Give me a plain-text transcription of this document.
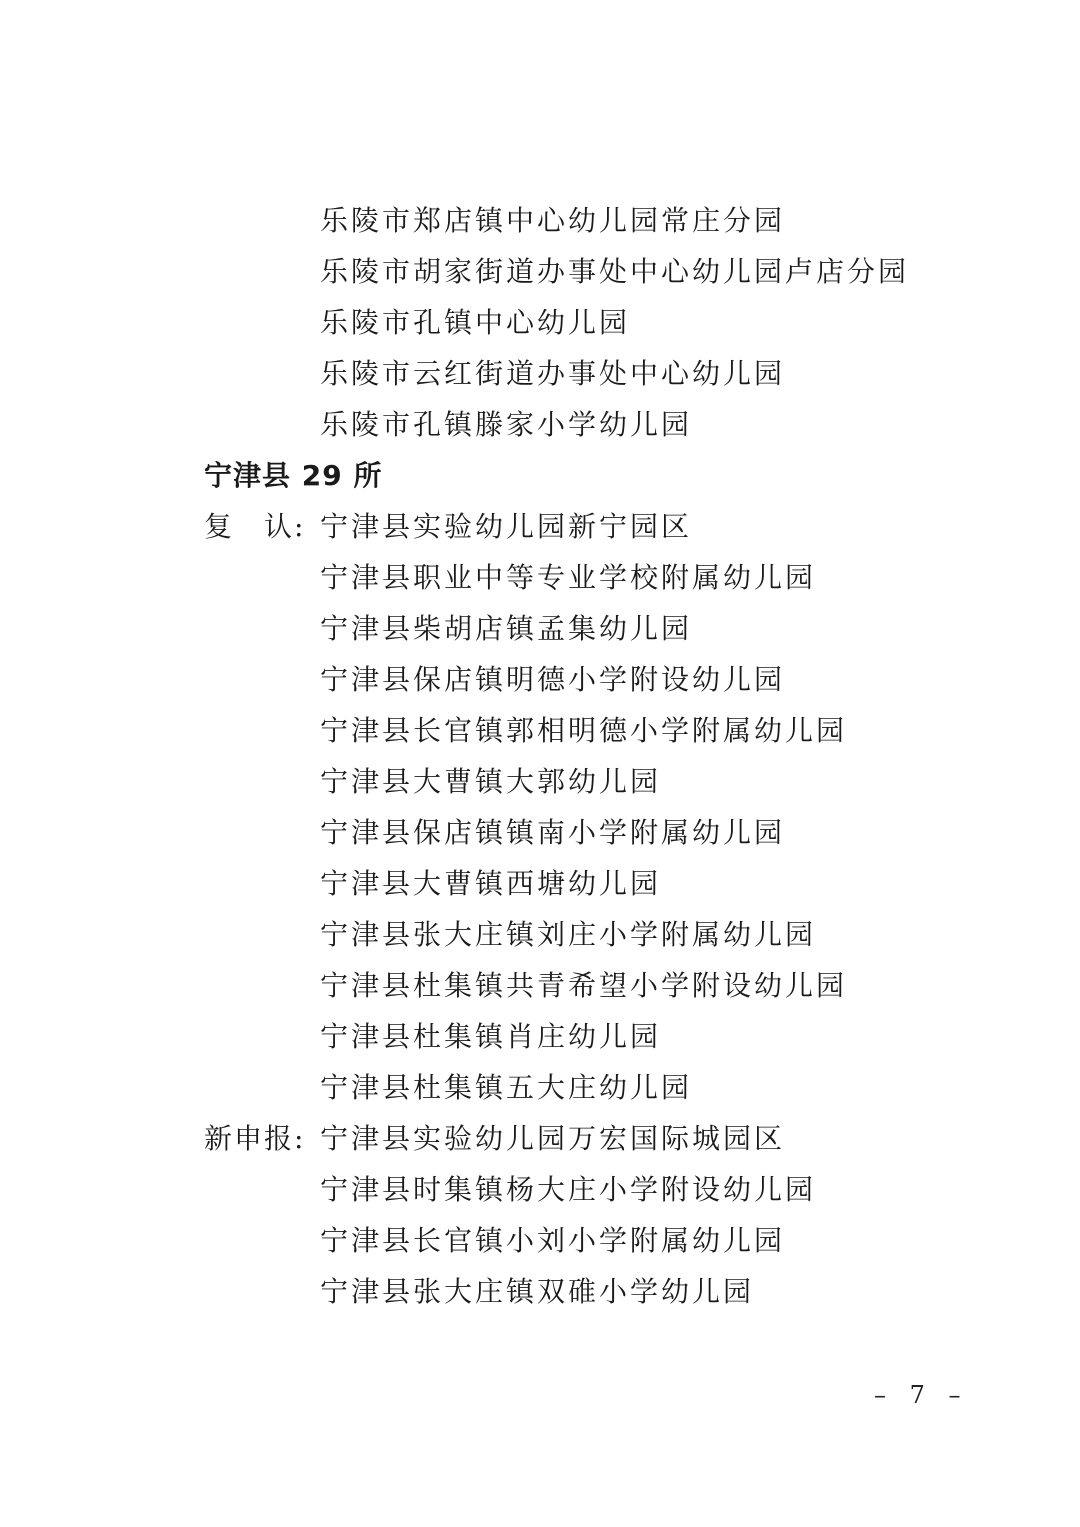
乐陵市郑店镇中心幼儿园常庄分园
乐陵市胡家街道办事处中心幼儿园卢店分园
乐陵市孔镇中心幼儿园
乐陵市云红街道办事处中心幼儿园
乐陵市孔镇滕家小学幼儿园
宁津县 29 所
复　认: 宁津县实验幼儿园新宁园区
宁津县职业中等专业学校附属幼儿园
宁津县柴胡店镇孟集幼儿园
宁津县保店镇明德小学附设幼儿园
宁津县长官镇郭相明德小学附属幼儿园
宁津县大曹镇大郭幼儿园
宁津县保店镇镇南小学附属幼儿园
宁津县大曹镇西塘幼儿园
宁津县张大庄镇刘庄小学附属幼儿园
宁津县杜集镇共青希望小学附设幼儿园
宁津县杜集镇肖庄幼儿园
宁津县杜集镇五大庄幼儿园
新申报: 宁津县实验幼儿园万宏国际城园区
宁津县时集镇杨大庄小学附设幼儿园
宁津县长官镇小刘小学附属幼儿园
宁津县张大庄镇双碓小学幼儿园
– 7 –
